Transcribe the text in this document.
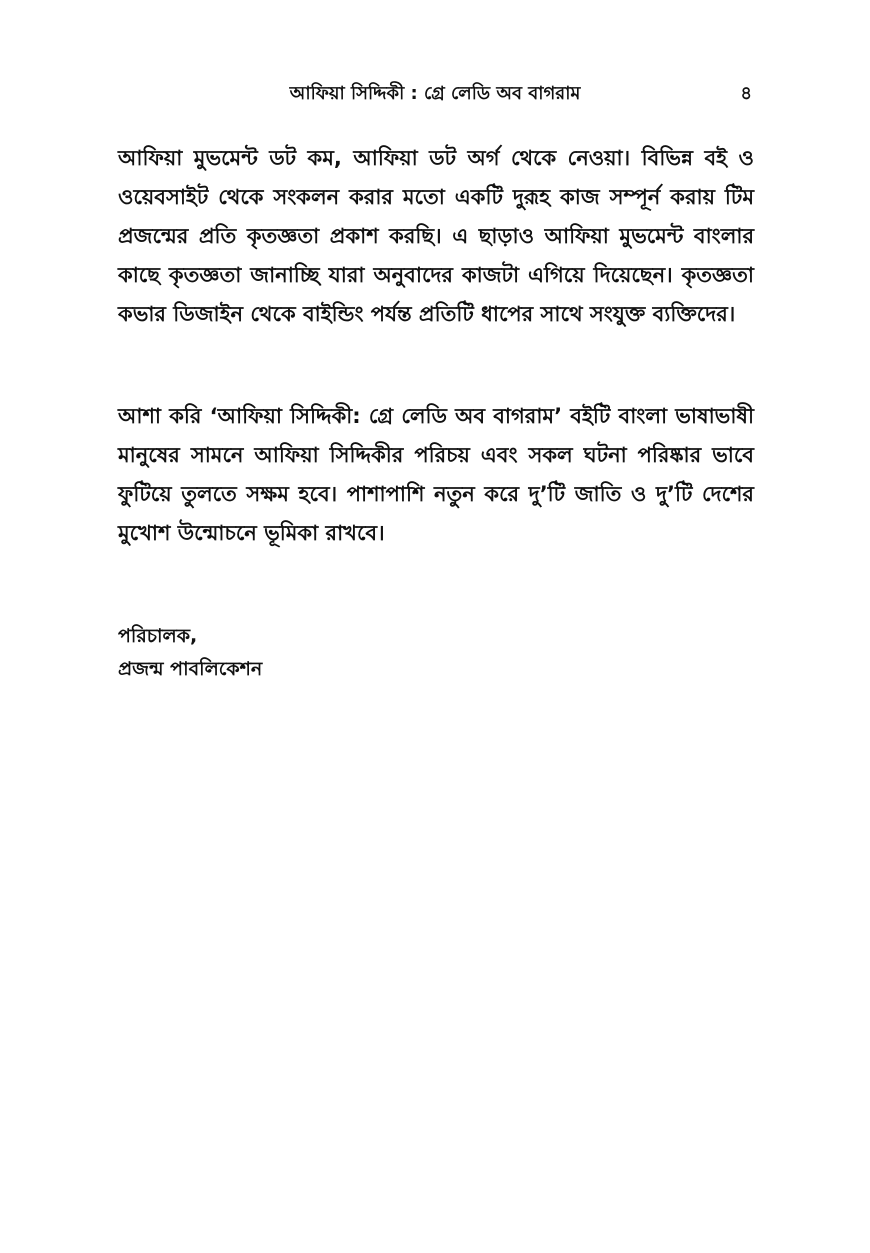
আফিয়া সিদ্দিকী : গ্রে লেডি অব বাগরাম	৪

আফিয়া মুভমেন্ট ডট কম, আফিয়া ডট অর্গ থেকে নেওয়া। বিভিন্ন বই ও ওয়েবসাইট থেকে সংকলন করার মতো একটি দুরূহ কাজ সম্পূর্ন করায় টিম প্রজন্মের প্রতি কৃতজ্ঞতা প্রকাশ করছি। এ ছাড়াও আফিয়া মুভমেন্ট বাংলার কাছে কৃতজ্ঞতা জানাচ্ছি যারা অনুবাদের কাজটা এগিয়ে দিয়েছেন। কৃতজ্ঞতা কভার ডিজাইন থেকে বাইন্ডিং পর্যন্ত প্রতিটি ধাপের সাথে সংযুক্ত ব্যক্তিদের।

আশা করি ‘আফিয়া সিদ্দিকী: গ্রে লেডি অব বাগরাম’ বইটি বাংলা ভাষাভাষী মানুষের সামনে আফিয়া সিদ্দিকীর পরিচয় এবং সকল ঘটনা পরিষ্কার ভাবে ফুটিয়ে তুলতে সক্ষম হবে। পাশাপাশি নতুন করে দু’টি জাতি ও দু’টি দেশের মুখোশ উন্মোচনে ভূমিকা রাখবে।

পরিচালক,
প্রজন্ম পাবলিকেশন
